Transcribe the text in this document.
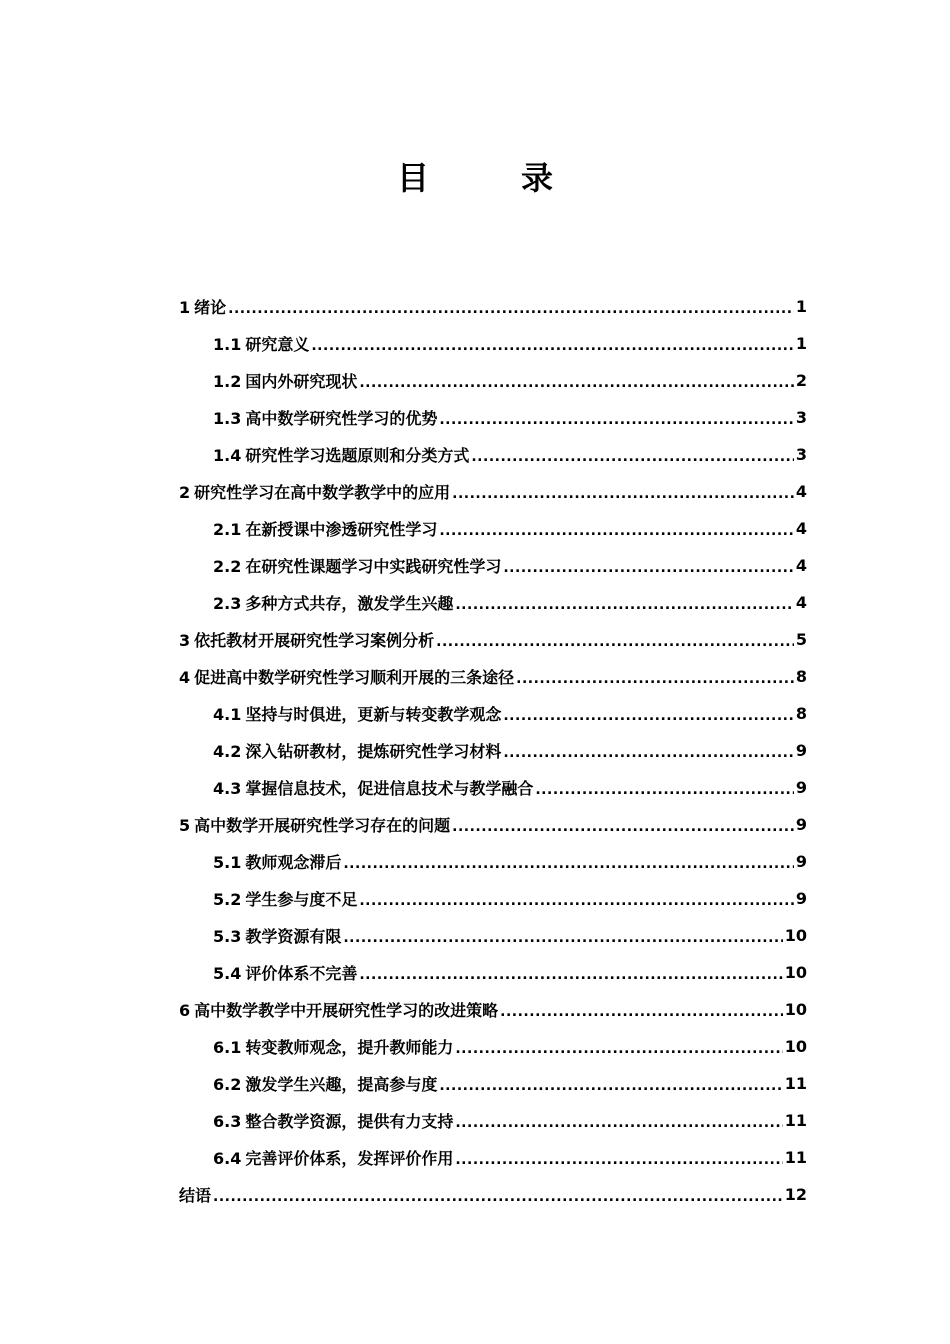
目　录
1 绪论 .....	1
1.1 研究意义 .....	1
1.2 国内外研究现状 .....	2
1.3 高中数学研究性学习的优势 .....	3
1.4 研究性学习选题原则和分类方式 .....	3
2 研究性学习在高中数学教学中的应用 .....	4
2.1 在新授课中渗透研究性学习 .....	4
2.2 在研究性课题学习中实践研究性学习 .....	4
2.3 多种方式共存，激发学生兴趣 .....	4
3 依托教材开展研究性学习案例分析 .....	5
4 促进高中数学研究性学习顺利开展的三条途径 .....	8
4.1 坚持与时俱进，更新与转变教学观念 .....	8
4.2 深入钻研教材，提炼研究性学习材料 .....	9
4.3 掌握信息技术，促进信息技术与教学融合 .....	9
5 高中数学开展研究性学习存在的问题 .....	9
5.1 教师观念滞后 .....	9
5.2 学生参与度不足 .....	9
5.3 教学资源有限 .....	10
5.4 评价体系不完善 .....	10
6 高中数学教学中开展研究性学习的改进策略 .....	10
6.1 转变教师观念，提升教师能力 .....	10
6.2 激发学生兴趣，提高参与度 .....	11
6.3 整合教学资源，提供有力支持 .....	11
6.4 完善评价体系，发挥评价作用 .....	11
结语 .....	12
